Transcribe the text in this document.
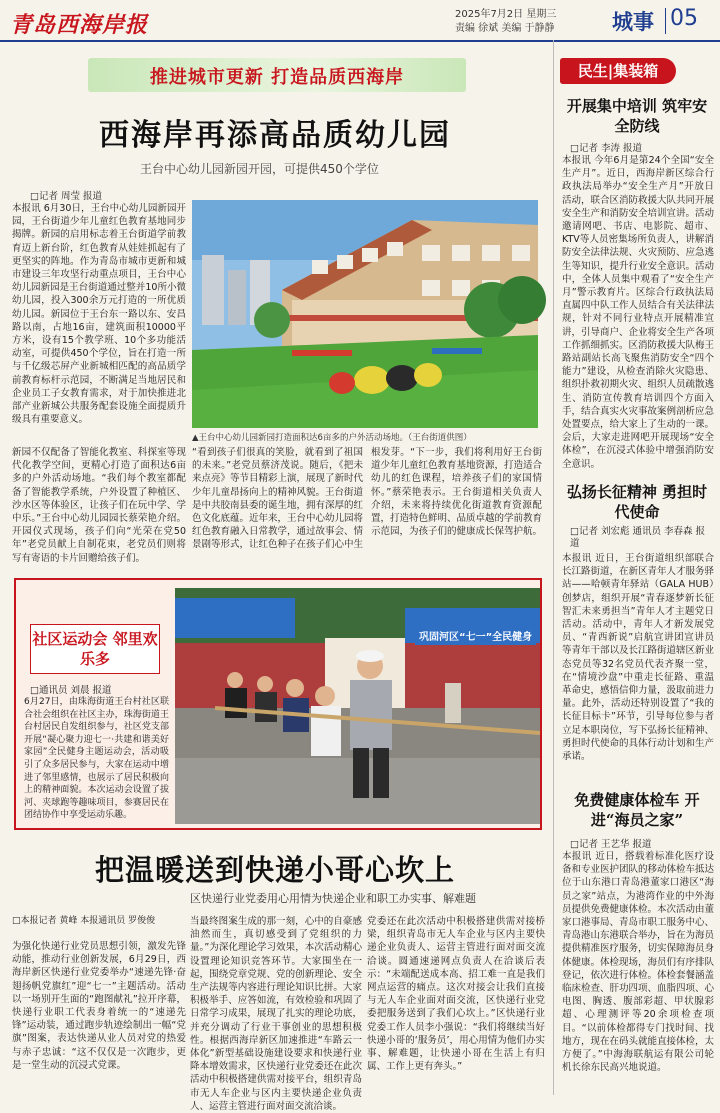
青岛西海岸报	2025年7月2日 星期三
责编 徐斌 美编 于静静	城事 05
推进城市更新 打造品质西海岸
西海岸再添高品质幼儿园
王台中心幼儿园新园开园，可提供450个学位
□记者 周莹 报道
本报讯 6月30日，王台中心幼儿园新园开园，王台街道少年儿童红色教育基地同步揭牌。新园的启用标志着王台街道学前教育迈上新台阶，红色教育从娃娃抓起有了更坚实的阵地。作为青岛市城市更新和城市建设三年攻坚行动重点项目，王台中心幼儿园新园是王台街道通过整并10所小微幼儿园，投入300余万元打造的一所优质幼儿园。新园位于王台东一路以东、安昌路以南，占地16亩，建筑面积10000平方米，设有15个教学班、10个多功能活动室，可提供450个学位，旨在打造一所与千亿级芯屏产业新城相匹配的高品质学前教育标杆示范园，不断满足当地居民和企业员工子女教育需求，对于加快推进北部产业新城公共服务配套设施全面提质升级具有重要意义。
新园不仅配备了智能化教室、科探室等现代化教学空间，更精心打造了面积达6亩多的户外活动场地。“我们每个教室都配备了智能教学系统，户外设置了种植区、沙水区等体验区，让孩子们在玩中学、学中乐。”王台中心幼儿园园长蔡荣艳介绍。开园仪式现场，孩子们向“光荣在党50年”老党员献上自制花束，老党员们则将写有寄语的卡片回赠给孩子们。
“看到孩子们很真的笑脸，就看到了祖国的未来。”老党员蔡济茂说。随后，《把未来点亮》等节目精彩上演，展现了新时代少年儿童昂扬向上的精神风貌。王台街道是中共胶南县委的诞生地，拥有深厚的红色文化底蕴。近年来，王台中心幼儿园将红色教育融入日常教学，通过故事会、情景剧等形式，让红色种子在孩子们心中生根发芽。“下一步，我们将利用好王台街道少年儿童红色教育基地资源，打造适合幼儿的红色课程，培养孩子们的家国情怀。”蔡荣艳表示。王台街道相关负责人介绍，未来将持续优化街道教育资源配置，打造特色鲜明、品质卓越的学前教育示范园，为孩子们的健康成长保驾护航。
▲王台中心幼儿园新园打造面积达6亩多的户外活动场地。（王台街道供图）
社区运动会 邻里欢乐多
□通讯员 刘晨 报道
6月27日，由珠海街道王台村社区联合社会组织在社区主办，珠海街道王台村居民自发组织参与，社区党支部开展“凝心聚力迎七一·共建和谐美好家园”全民健身主题运动会，活动吸引了众多居民参与，大家在运动中增进了邻里感情，也展示了居民积极向上的精神面貌。本次运动会设置了拔河、夹球跑等趣味项目，参赛居民在团结协作中享受运动乐趣。
巩固河区“七一”全民健身
把温暖送到快递小哥心坎上
区快递行业党委用心用情为快递企业和职工办实事、解难题
□本报记者 黄峰 本报通讯员 罗俊俊
为强化快递行业党员思想引领，激发先锋动能，推动行业创新发展，6月29日，西海岸新区快递行业党委举办“速递先锋·奋翅扬帆党旗红”迎“七一”主题活动。活动以一场别开生面的“跑图献礼”拉开序幕，快递行业职工代表身着统一的“速递先锋”运动装，通过跑步轨迹绘制出一幅“党旗”图案，表达快递从业人员对党的热爱与赤子忠诚：“这不仅仅是一次跑步，更是一堂生动的沉浸式党课。
当最终图案生成的那一刻，心中的自豪感油然而生，真切感受到了党组织的力量。”为深化理论学习效果，本次活动精心设置理论知识竞答环节。大家围坐在一起，围绕党章党规、党的创新理论、安全生产法规等内容进行理论知识比拼。大家积极举手、应答如流，有效检验和巩固了日常学习成果，展现了扎实的理论功底，并充分调动了行业干事创业的思想积极性。根据西海岸新区加速推进“车路云一体化”新型基础设施建设要求和快递行业降本增效需求，区快递行业党委还在此次活动中积极搭建供需对接平台，组织青岛市无人车企业与区内主要快递企业负责人、运营主管进行面对面交流洽谈。
党委还在此次活动中积极搭建供需对接桥梁，组织青岛市无人车企业与区内主要快递企业负责人、运营主管进行面对面交流洽谈。圆通速递网点负责人在洽谈后表示：“未端配送成本高、招工难一直是我们网点运营的痛点。这次对接会让我们直接与无人车企业面对面交流，区快递行业党委把服务送到了我们心坎上。”区快递行业党委工作人员李小强说：“我们将继续当好快递小哥的‘服务员’，用心用情为他们办实事、解难题，让快递小哥在生活上有归属、工作上更有奔头。”
民生|集装箱
开展集中培训 筑牢安全防线
□记者 李涛 报道
本报讯 今年6月是第24个全国“安全生产月”。近日，西海岸新区综合行政执法局举办“安全生产月”开放日活动，联合区消防救援大队共同开展安全生产和消防安全培训宣讲。活动邀请网吧、书店、电影院、超市、KTV等人员密集场所负责人，讲解消防安全法律法规、火灾预防、应急逃生等知识，提升行业安全意识。活动中，全体人员集中观看了“安全生产月”警示教育片。区综合行政执法局直属四中队工作人员结合有关法律法规，针对不同行业特点开展精准宣讲，引导商户、企业将安全生产各项工作抓细抓实。区消防救援大队梅王路站副站长高飞聚焦消防安全“四个能力”建设，从检查消除火灾隐患、组织扑救初期火灾、组织人员疏散逃生、消防宣传教育培训四个方面入手，结合真实火灾事故案例剖析应急处置要点，给大家上了生动的一课。会后，大家走进网吧开展现场“安全体检”，在沉浸式体验中增强消防安全意识。
弘扬长征精神 勇担时代使命
□记者 刘宏彪 通讯员 李春森 报道
本报讯 近日，王台街道组织部联合长江路街道，在新区青年人才服务驿站——哈顿青年驿站（GALA HUB）创梦店，组织开展“青春逐梦新长征 智汇未来勇担当”青年人才主题党日活动。活动中，青年人才新发展党员、“青西新说”启航宣讲团宣讲员等青年干部以及长江路街道辖区新业态党员等32名党员代表齐聚一堂，在“情境沙盘”中重走长征路、重温革命史，感悟信仰力量，汲取前进力量。此外，活动还特别设置了“我的长征目标卡”环节，引导每位参与者立足本职岗位，写下弘扬长征精神、勇担时代使命的具体行动计划和生产承诺。
免费健康体检车 开进“海员之家”
□记者 王艺华 报道
本报讯 近日，搭载着标准化医疗设备和专业医护团队的移动体检车抵达位于山东港口青岛港董家口港区“海员之家”站点，为港湾作业的中外海员提供免费健康体检。本次活动由董家口港事局、青岛市职工服务中心、青岛港山东港联合举办，旨在为海员提供精准医疗服务，切实保障海员身体健康。体检现场，海员们有序排队登记，依次进行体检。体检套餐涵盖临床检查、肝功四项、血脂四项、心电图、胸透、腹部彩超、甲状腺彩超、心理测评等20余项检查项目。“以前体检都得专门找时间、找地方，现在在码头就能直接体检，太方便了。”中海海联航运有限公司轮机长徐东民高兴地说道。
